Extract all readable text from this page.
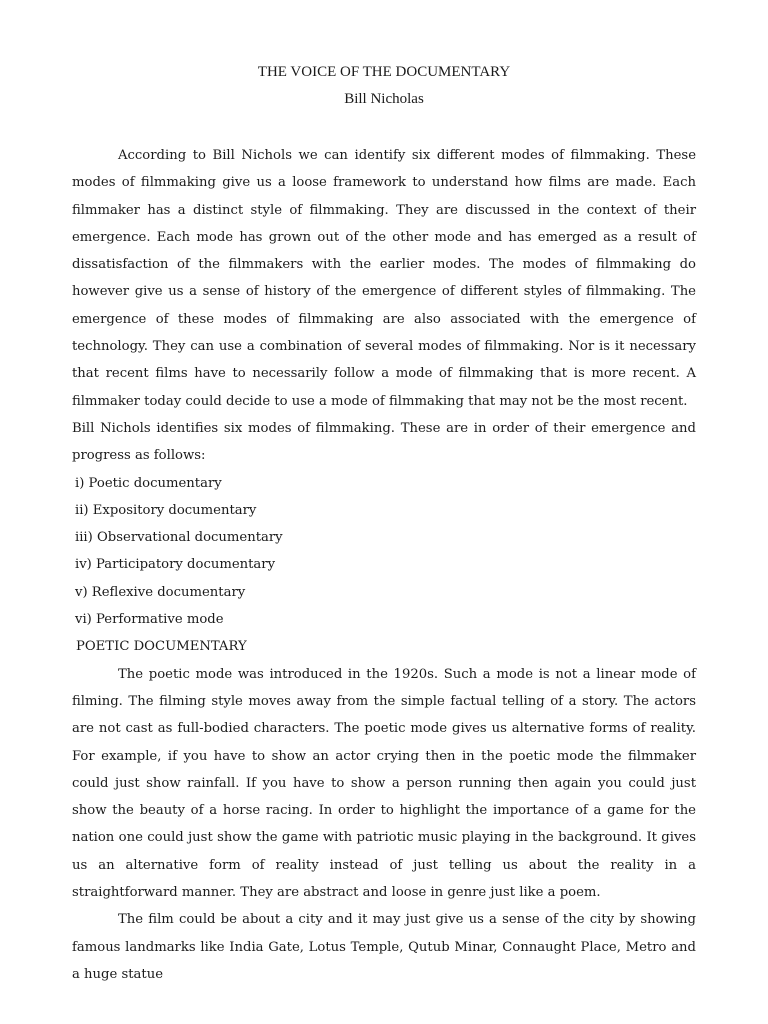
THE VOICE OF THE DOCUMENTARY
Bill Nicholas

According to Bill Nichols we can identify six different modes of filmmaking. These modes of filmmaking give us a loose framework to understand how films are made. Each filmmaker has a distinct style of filmmaking. They are discussed in the context of their emergence. Each mode has grown out of the other mode and has emerged as a result of dissatisfaction of the filmmakers with the earlier modes. The modes of filmmaking do however give us a sense of history of the emergence of different styles of filmmaking. The emergence of these modes of filmmaking are also associated with the emergence of technology. They can use a combination of several modes of filmmaking. Nor is it necessary that recent films have to necessarily follow a mode of filmmaking that is more recent. A filmmaker today could decide to use a mode of filmmaking that may not be the most recent.

Bill Nichols identifies six modes of filmmaking. These are in order of their emergence and progress as follows:

i) Poetic documentary
ii) Expository documentary
iii) Observational documentary
iv) Participatory documentary
v) Reflexive documentary
vi) Performative mode
POETIC DOCUMENTARY

The poetic mode was introduced in the 1920s. Such a mode is not a linear mode of filming. The filming style moves away from the simple factual telling of a story. The actors are not cast as full-bodied characters. The poetic mode gives us alternative forms of reality. For example, if you have to show an actor crying then in the poetic mode the filmmaker could just show rainfall. If you have to show a person running then again you could just show the beauty of a horse racing. In order to highlight the importance of a game for the nation one could just show the game with patriotic music playing in the background. It gives us an alternative form of reality instead of just telling us about the reality in a straightforward manner. They are abstract and loose in genre just like a poem.

The film could be about a city and it may just give us a sense of the city by showing famous landmarks like India Gate, Lotus Temple, Qutub Minar, Connaught Place, Metro and a huge statue
